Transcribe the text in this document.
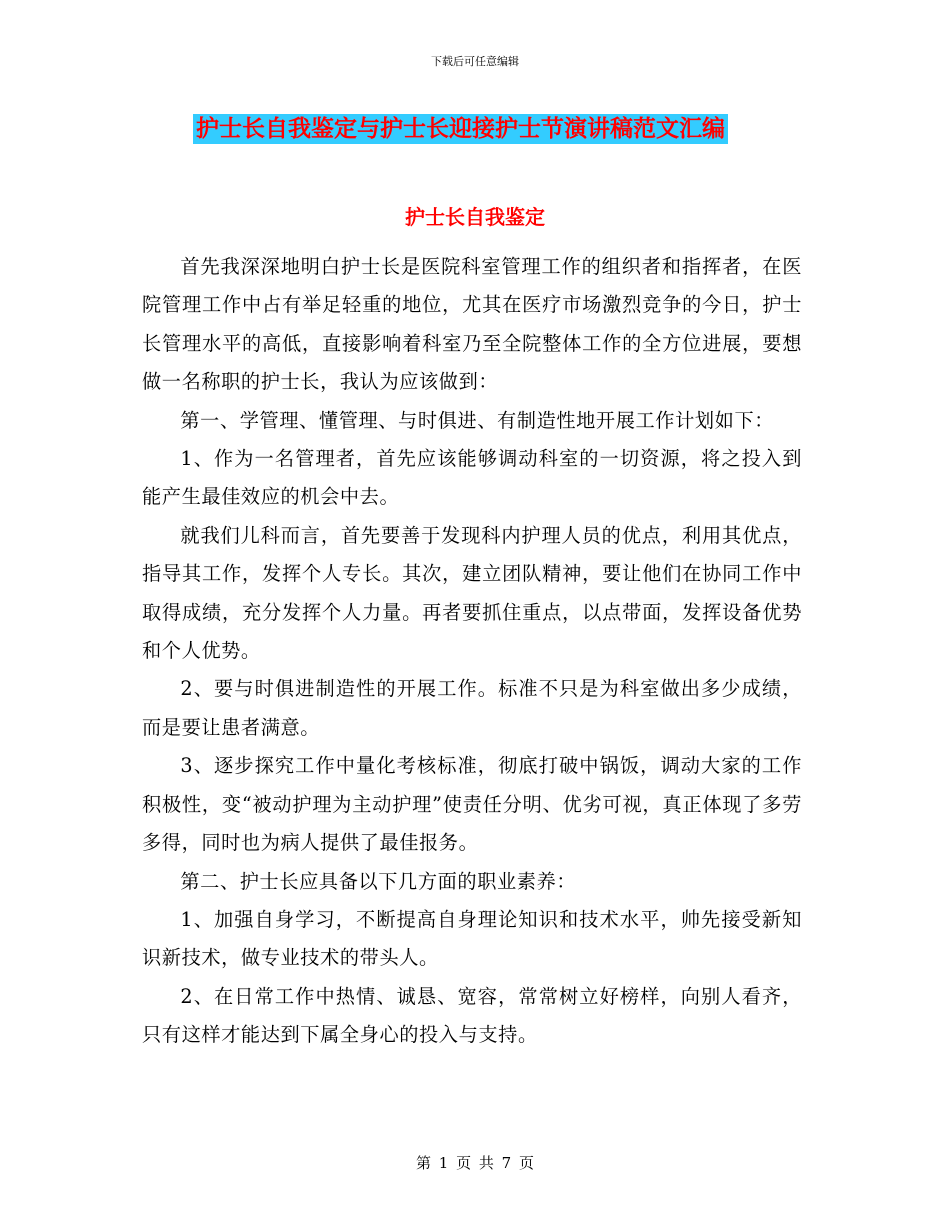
下载后可任意编辑
护士长自我鉴定与护士长迎接护士节演讲稿范文汇编
护士长自我鉴定

首先我深深地明白护士长是医院科室管理工作的组织者和指挥者，在医院管理工作中占有举足轻重的地位，尤其在医疗市场激烈竞争的今日，护士长管理水平的高低，直接影响着科室乃至全院整体工作的全方位进展，要想做一名称职的护士长，我认为应该做到：

第一、学管理、懂管理、与时俱进、有制造性地开展工作计划如下：

1、作为一名管理者，首先应该能够调动科室的一切资源，将之投入到能产生最佳效应的机会中去。

就我们儿科而言，首先要善于发现科内护理人员的优点，利用其优点，指导其工作，发挥个人专长。其次，建立团队精神，要让他们在协同工作中取得成绩，充分发挥个人力量。再者要抓住重点，以点带面，发挥设备优势和个人优势。

2、要与时俱进制造性的开展工作。标准不只是为科室做出多少成绩，而是要让患者满意。

3、逐步探究工作中量化考核标准，彻底打破中锅饭，调动大家的工作积极性，变“被动护理为主动护理”使责任分明、优劣可视，真正体现了多劳多得，同时也为病人提供了最佳报务。

第二、护士长应具备以下几方面的职业素养：

1、加强自身学习，不断提高自身理论知识和技术水平，帅先接受新知识新技术，做专业技术的带头人。

2、在日常工作中热情、诚恳、宽容，常常树立好榜样，向别人看齐，只有这样才能达到下属全身心的投入与支持。

第 1 页 共 7 页
